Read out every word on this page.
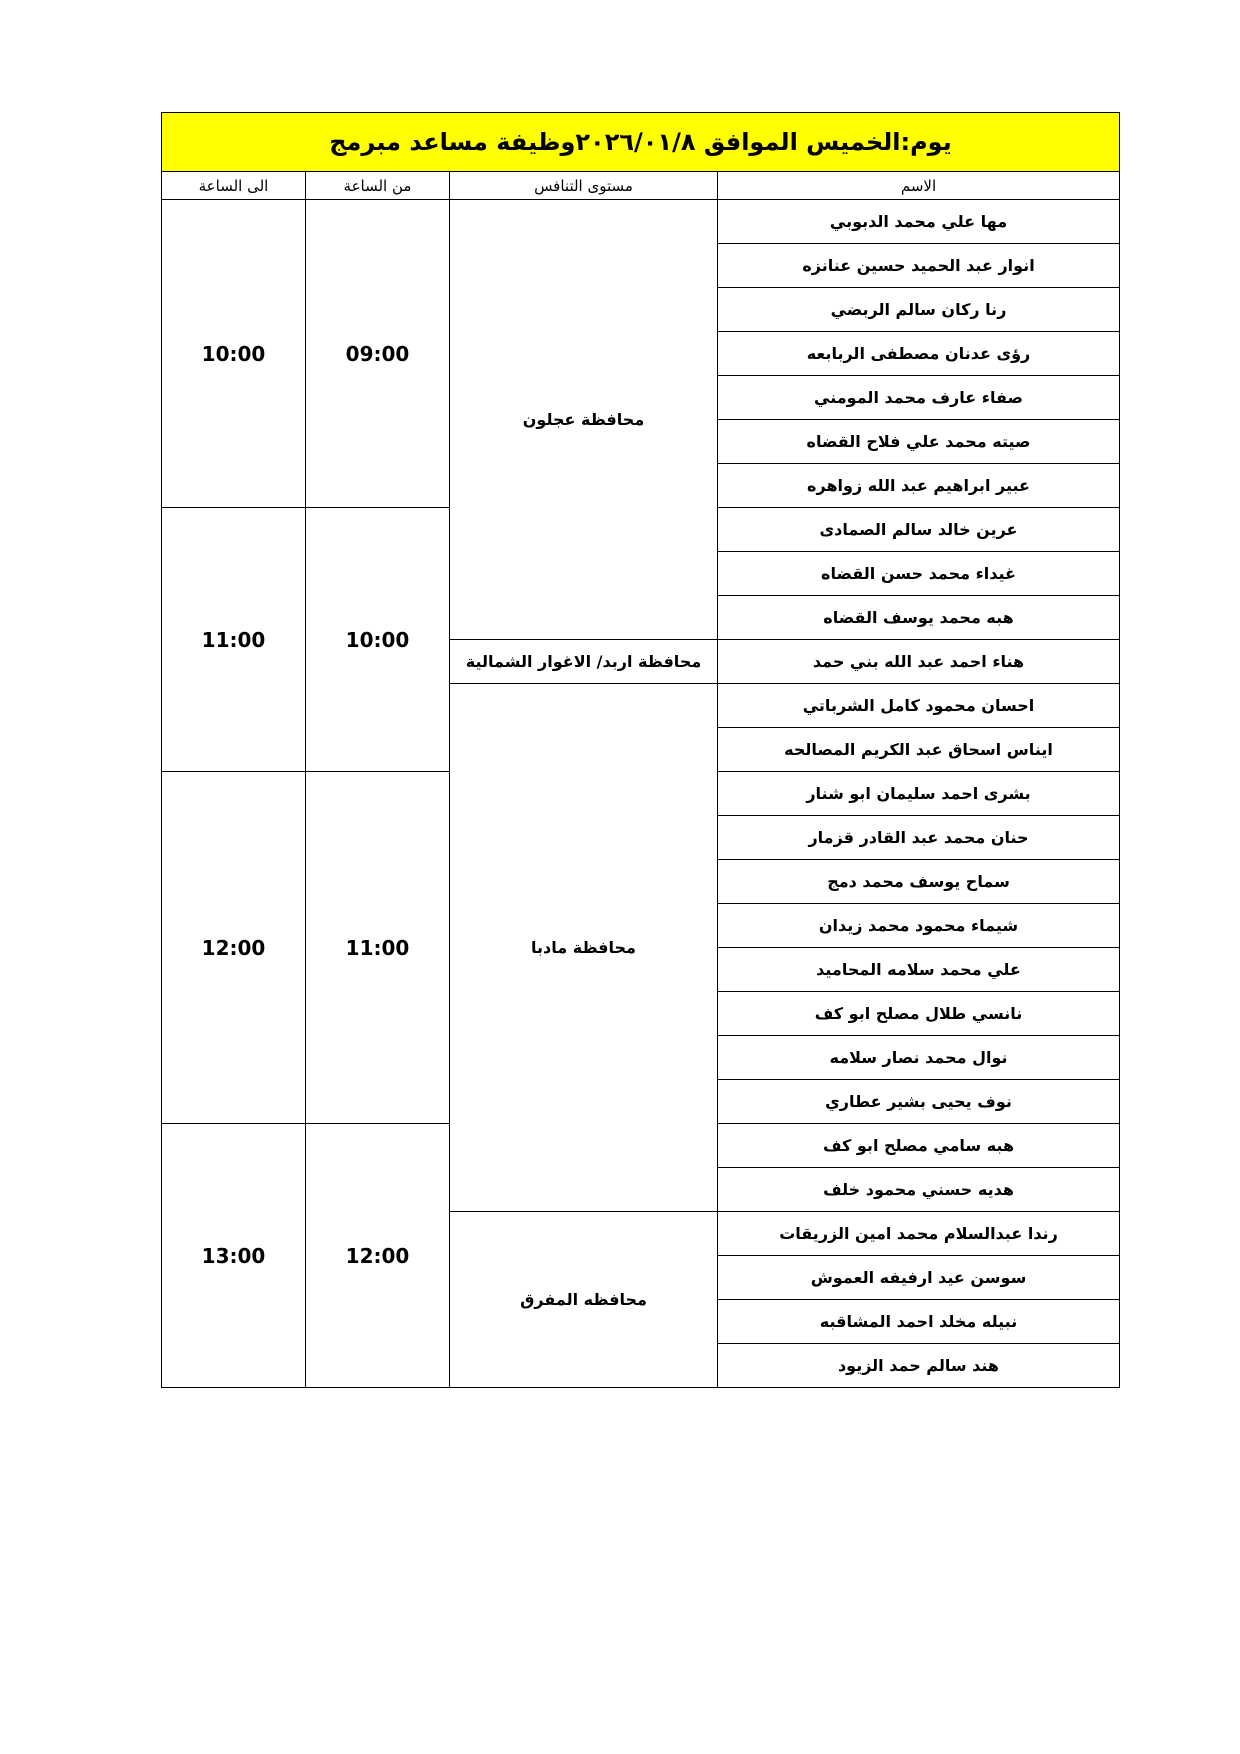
يوم:الخميس الموافق ٢٠٢٦/٠١/٨وظيفة مساعد مبرمج			
الى الساعة	من الساعة	مستوى التنافس	الاسم
10:00	09:00	محافظة عجلون	مها علي محمد الدبوبي
			انوار عبد الحميد حسين عنانزه
			رنا ركان سالم الربضي
			رؤى عدنان مصطفى الربابعه
			صفاء عارف محمد المومني
			صيته محمد علي فلاح القضاه
			عبير ابراهيم عبد الله زواهره
11:00	10:00		عرين خالد سالم الصمادى
			غيداء محمد حسن القضاه
			هبه محمد يوسف القضاه
		محافظة اربد/ الاغوار الشمالية	هناء احمد عبد الله بني حمد
		محافظة مادبا	احسان محمود كامل الشرباتي
			ايناس اسحاق عبد الكريم المصالحه
12:00	11:00		بشرى احمد سليمان ابو شنار
			حنان محمد عبد القادر قزمار
			سماح يوسف محمد دمج
			شيماء محمود محمد زيدان
			علي محمد سلامه المحاميد
			نانسي طلال مصلح ابو كف
			نوال محمد نصار سلامه
			نوف يحيى بشير عطاري
13:00	12:00		هبه سامي مصلح ابو كف
			هديه حسني محمود خلف
		محافظه المفرق	رندا عبدالسلام محمد امين الزريقات
			سوسن عيد ارفيفه العموش
			نبيله مخلد احمد المشاقبه
			هند سالم حمد الزيود
